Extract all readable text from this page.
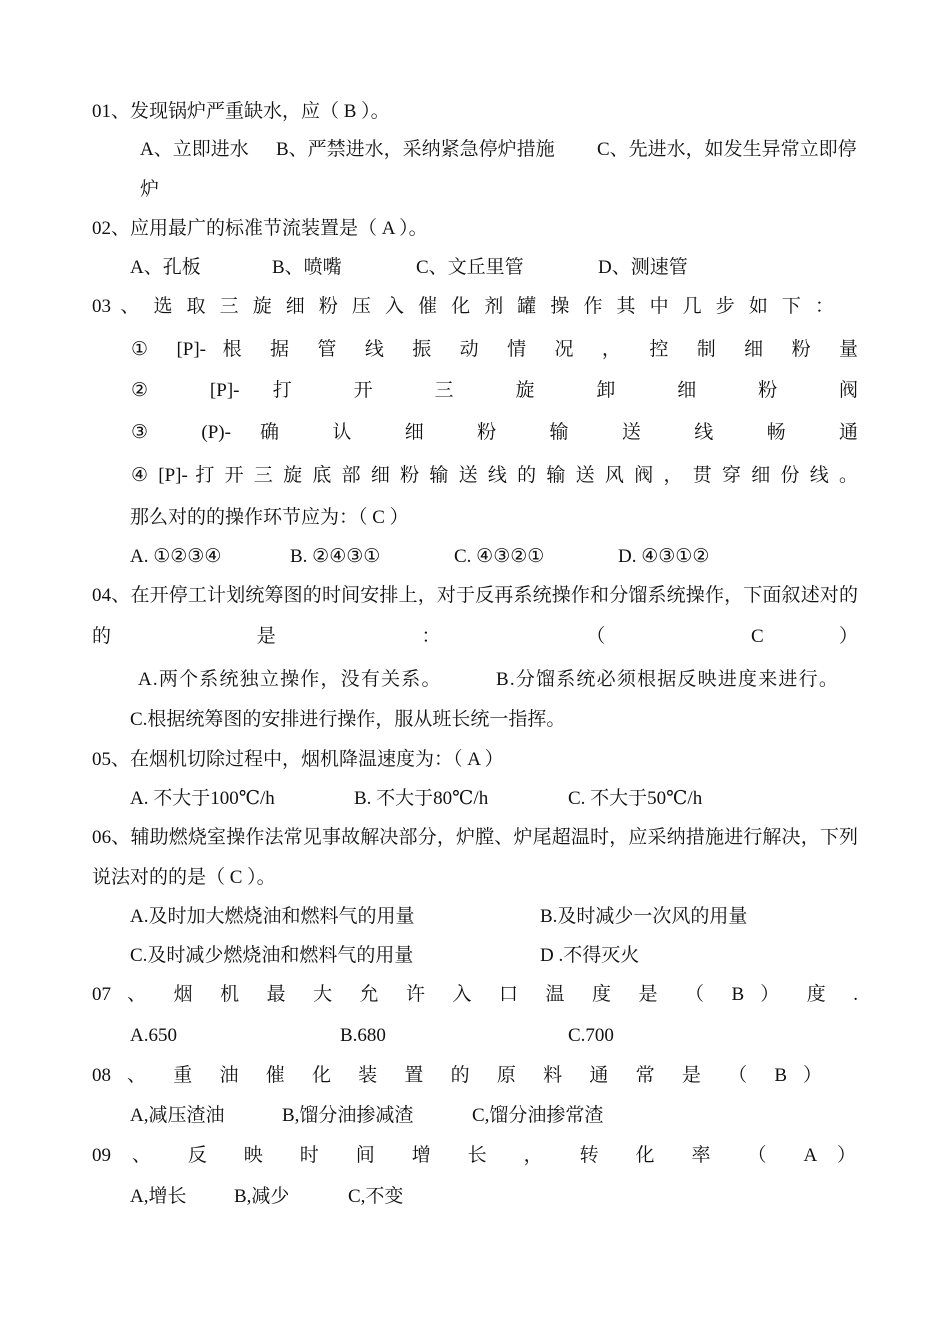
01、发现锅炉严重缺水，应（ B ）。
A、立即进水 B、严禁进水，采纳紧急停炉措施 C、先进水，如发生异常立即停
炉
02、应用最广的标准节流装置是（ A ）。
A、孔板	B、喷嘴	C、文丘里管	D、测速管
03 、 选 取 三 旋 细 粉 压 入 催 化 剂 罐 操 作 其 中 几 步 如 下 ：
① [P]- 根 据 管 线 振 动 情 况 ， 控 制 细 粉 量
② [P]- 打 开 三 旋 卸 细 粉 阀
③ (P)- 确 认 细 粉 输 送 线 畅 通
④ [P]- 打 开 三 旋 底 部 细 粉 输 送 线 的 输 送 风 阀 ， 贯 穿 细 份 线 。
那么对的的操作环节应为：（ C ）
A. ①②③④	B. ②④③①	C. ④③②①	D. ④③①②
04、在开停工计划统筹图的时间安排上，对于反再系统操作和分馏系统操作，下面叙述对的
的 是 ： （ C ）
A.两个系统独立操作，没有关系。	B.分馏系统必须根据反映进度来进行。
C.根据统筹图的安排进行操作，服从班长统一指挥。
05、在烟机切除过程中，烟机降温速度为：（ A ）
A. 不大于100℃/h	B. 不大于80℃/h	C. 不大于50℃/h
06、辅助燃烧室操作法常见事故解决部分，炉膛、炉尾超温时，应采纳措施进行解决，下列
说法对的的是（ C ）。
A.及时加大燃烧油和燃料气的用量	B.及时减少一次风的用量
C.及时减少燃烧油和燃料气的用量	D .不得灭火
07 、 烟 机 最 大 允 许 入 口 温 度 是 （ B ） 度 .
A.650	B.680	C.700
08 、 重 油 催 化 装 置 的 原 料 通 常 是 （ B ）
A,减压渣油	B,馏分油掺减渣	C,馏分油掺常渣
09 、 反 映 时 间 增 长 ， 转 化 率 （ A ）
A,增长	B,减少	C,不变
